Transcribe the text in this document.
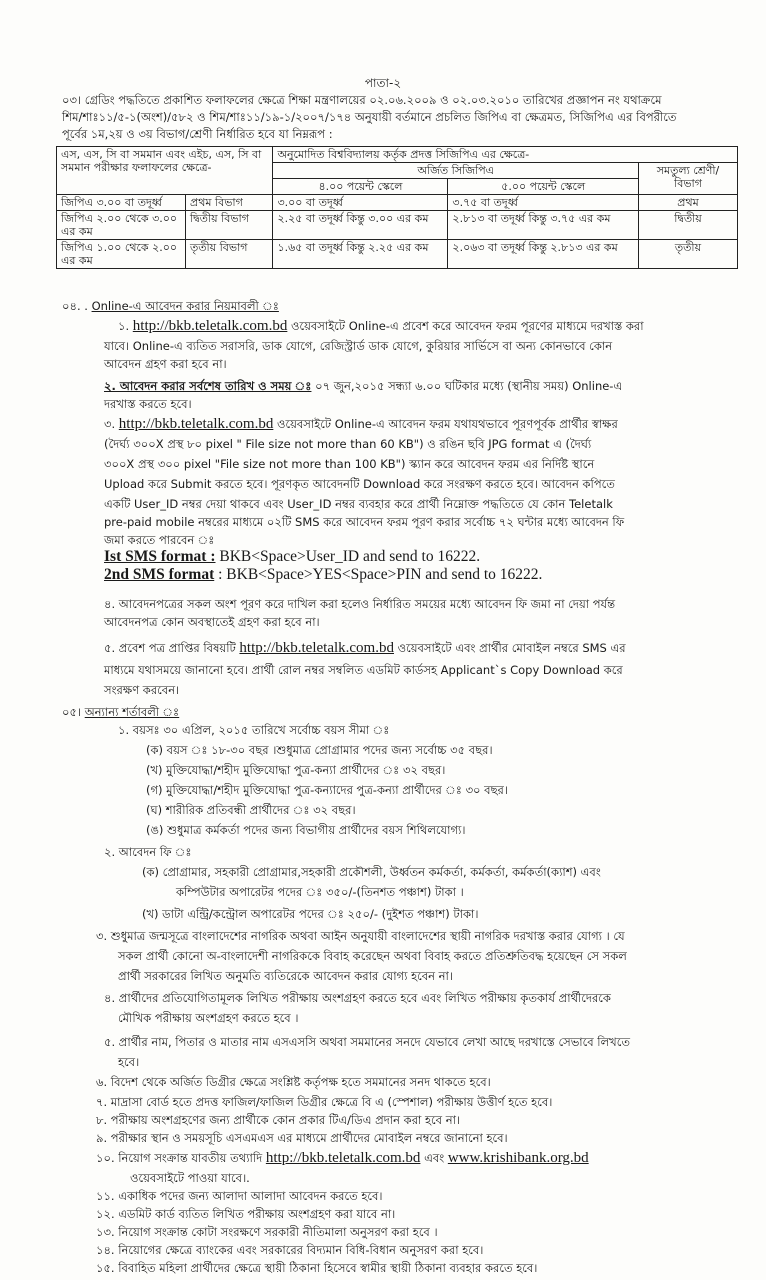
পাতা-২
০৩। গ্রেডিং পদ্ধতিতে প্রকাশিত ফলাফলের ক্ষেত্রে শিক্ষা মন্ত্রণালয়ের ০২.০৬.২০০৯ ও ০২.০৩.২০১০ তারিখের প্রজ্ঞাপন নং যথাক্রমে
শিম/শাঃ১১/৫-১(অংশ)/৫৮২ ও শিম/শাঃ১১/১৯-১/২০০৭/১৭৪ অনুযায়ী বর্তমানে প্রচলিত জিপিএ বা ক্ষেত্রমত, সিজিপিএ এর বিপরীতে
পূর্বের ১ম,২য় ও ৩য় বিভাগ/শ্রেণী নির্ধারিত হবে যা নিম্নরূপ :
এস, এস, সি বা সমমান এবং এইচ, এস, সি বা সমমান পরীক্ষার ফলাফলের ক্ষেত্রে-		অনুমোদিত বিশ্ববিদ্যালয় কর্তৃক প্রদত্ত সিজিপিএ এর ক্ষেত্রে-		
		অর্জিত সিজিপিএ		সমতুল্য শ্রেণী/বিভাগ
		৪.০০ পয়েন্ট স্কেলে	৫.০০ পয়েন্ট স্কেলে	
জিপিএ ৩.০০ বা তদূর্ধ্ব	প্রথম বিভাগ	৩.০০ বা তদূর্ধ্ব	৩.৭৫ বা তদূর্ধ্ব	প্রথম
জিপিএ ২.০০ থেকে ৩.০০ এর কম	দ্বিতীয় বিভাগ	২.২৫ বা তদূর্ধ্ব কিন্তু ৩.০০ এর কম	২.৮১৩ বা তদূর্ধ্ব কিন্তু ৩.৭৫ এর কম	দ্বিতীয়
জিপিএ ১.০০ থেকে ২.০০ এর কম	তৃতীয় বিভাগ	১.৬৫ বা তদূর্ধ্ব কিন্তু ২.২৫ এর কম	২.০৬৩ বা তদূর্ধ্ব কিন্তু ২.৮১৩ এর কম	তৃতীয়
০৪. . Online-এ আবেদন করার নিয়মাবলী ঃ
১. http://bkb.teletalk.com.bd ওয়েবসাইটে Online-এ প্রবেশ করে আবেদন ফরম পূরণের মাধ্যমে দরখাস্ত করা
যাবে। Online-এ ব্যতিত সরাসরি, ডাক যোগে, রেজিস্ট্রার্ড ডাক যোগে, কুরিয়ার সার্ভিসে বা অন্য কোনভাবে কোন
আবেদন গ্রহণ করা হবে না।
২. আবেদন করার সর্বশেষ তারিখ ও সময় ঃ ০৭ জুন,২০১৫ সন্ধ্যা ৬.০০ ঘটিকার মধ্যে (স্থানীয় সময়) Online-এ
দরখাস্ত করতে হবে।
৩. http://bkb.teletalk.com.bd ওয়েবসাইটে Online-এ আবেদন ফরম যথাযথভাবে পূরণপূর্বক প্রার্থীর স্বাক্ষর
(দৈর্ঘ্য ৩০০X প্রস্থ ৮০ pixel " File size not more than 60 KB") ও রঙিন ছবি JPG format এ (দৈর্ঘ্য
৩০০X প্রস্থ ৩০০ pixel "File size not more than 100 KB") স্ক্যান করে আবেদন ফরম এর নির্দিষ্ট স্থানে
Upload করে Submit করতে হবে। পূরণকৃত আবেদনটি Download করে সংরক্ষণ করতে হবে। আবেদন কপিতে
একটি User_ID নম্বর দেয়া থাকবে এবং User_ID নম্বর ব্যবহার করে প্রার্থী নিম্নোক্ত পদ্ধতিতে যে কোন Teletalk
pre-paid mobile নম্বরের মাধ্যমে ০২টি SMS করে আবেদন ফরম পূরণ করার সর্বোচ্চ ৭২ ঘন্টার মধ্যে আবেদন ফি
জমা করতে পারবেন ঃ
Ist SMS format : BKB<Space>User_ID and send to 16222.
2nd SMS format : BKB<Space>YES<Space>PIN and send to 16222.
৪. আবেদনপত্রের সকল অংশ পূরণ করে দাখিল করা হলেও নির্ধারিত সময়ের মধ্যে আবেদন ফি জমা না দেয়া পর্যন্ত
আবেদনপত্র কোন অবস্থাতেই গ্রহণ করা হবে না।
৫. প্রবেশ পত্র প্রাপ্তির বিষয়টি http://bkb.teletalk.com.bd ওয়েবসাইটে এবং প্রার্থীর মোবাইল নম্বরে SMS এর
মাধ্যমে যথাসময়ে জানানো হবে। প্রার্থী রোল নম্বর সম্বলিত এডমিট কার্ডসহ Applicant`s Copy Download করে
সংরক্ষণ করবেন।
০৫। অন্যান্য শর্তাবলী ঃ
১. বয়সঃ ৩০ এপ্রিল, ২০১৫ তারিখে সর্বোচ্চ বয়স সীমা ঃ
(ক) বয়স ঃ ১৮-৩০ বছর ।শুধুমাত্র প্রোগ্রামার পদের জন্য সর্বোচ্চ ৩৫ বছর।
(খ) মুক্তিযোদ্ধা/শহীদ মুক্তিযোদ্ধা পুত্র-কন্যা প্রার্থীদের ঃ ৩২ বছর।
(গ) মুক্তিযোদ্ধা/শহীদ মুক্তিযোদ্ধা পুত্র-কন্যাদের পুত্র-কন্যা প্রার্থীদের ঃ ৩০ বছর।
(ঘ) শারীরিক প্রতিবন্ধী প্রার্থীদের ঃ ৩২ বছর।
(ঙ) শুধুমাত্র কর্মকর্তা পদের জন্য বিভাগীয় প্রার্থীদের বয়স শিথিলযোগ্য।
২. আবেদন ফি ঃ
(ক) প্রোগ্রামার, সহকারী প্রোগ্রামার,সহকারী প্রকৌশলী, উর্ধ্বতন কর্মকর্তা, কর্মকর্তা, কর্মকর্তা(ক্যাশ) এবং
কম্পিউটার অপারেটর পদের ঃ ৩৫০/-(তিনশত পঞ্চাশ) টাকা ।
(খ) ডাটা এন্ট্রি/কন্ট্রোল অপারেটর পদের ঃ ২৫০/- (দুইশত পঞ্চাশ) টাকা।
৩. শুধুমাত্র জন্মসূত্রে বাংলাদেশের নাগরিক অথবা আইন অনুযায়ী বাংলাদেশের স্থায়ী নাগরিক দরখাস্ত করার যোগ্য । যে
সকল প্রার্থী কোনো অ-বাংলাদেশী নাগরিককে বিবাহ করেছেন অথবা বিবাহ করতে প্রতিশ্রুতিবদ্ধ হয়েছেন সে সকল
প্রার্থী সরকারের লিখিত অনুমতি ব্যতিরেকে আবেদন করার যোগ্য হবেন না।
৪. প্রার্থীদের প্রতিযোগিতামূলক লিখিত পরীক্ষায় অংশগ্রহণ করতে হবে এবং লিখিত পরীক্ষায় কৃতকার্য প্রার্থীদেরকে
মৌখিক পরীক্ষায় অংশগ্রহণ করতে হবে ।
৫. প্রার্থীর নাম, পিতার ও মাতার নাম এসএসসি অথবা সমমানের সনদে যেভাবে লেখা আছে দরখাস্তে সেভাবে লিখতে
হবে।
৬. বিদেশ থেকে অর্জিত ডিগ্রীর ক্ষেত্রে সংশ্লিষ্ট কর্তৃপক্ষ হতে সমমানের সনদ থাকতে হবে।
৭. মাদ্রাসা বোর্ড হতে প্রদত্ত ফাজিল/ফাজিল ডিগ্রীর ক্ষেত্রে বি এ (স্পেশাল) পরীক্ষায় উত্তীর্ণ হতে হবে।
৮. পরীক্ষায় অংশগ্রহণের জন্য প্রার্থীকে কোন প্রকার টিএ/ডিএ প্রদান করা হবে না।
৯. পরীক্ষার স্থান ও সময়সূচি এসএমএস এর মাধ্যমে প্রার্থীদের মোবাইল নম্বরে জানানো হবে।
১০. নিয়োগ সংক্রান্ত যাবতীয় তথ্যাদি http://bkb.teletalk.com.bd এবং www.krishibank.org.bd
ওয়েবসাইটে পাওয়া যাবে।.
১১. একাধিক পদের জন্য আলাদা আলাদা আবেদন করতে হবে।
১২. এডমিট কার্ড ব্যতিত লিখিত পরীক্ষায় অংশগ্রহণ করা যাবে না।
১৩. নিয়োগ সংক্রান্ত কোটা সংরক্ষণে সরকারী নীতিমালা অনুসরণ করা হবে ।
১৪. নিয়োগের ক্ষেত্রে ব্যাংকের এবং সরকারের বিদ্যমান বিধি-বিধান অনুসরণ করা হবে।
১৫. বিবাহিত মহিলা প্রার্থীদের ক্ষেত্রে স্থায়ী ঠিকানা হিসেবে স্বামীর স্থায়ী ঠিকানা ব্যবহার করতে হবে।
